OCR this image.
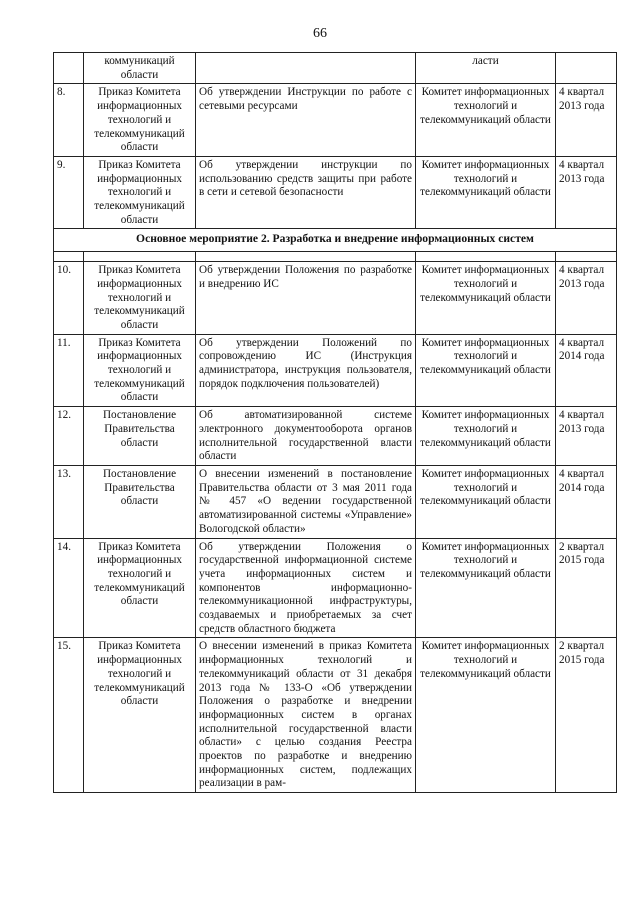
66
	коммуникаций области		ласти	
8.	Приказ Комитета информационных технологий и телекоммуникаций области	Об утверждении Инструкции по работе с сетевыми ресурсами	Комитет информационных технологий и телекоммуникаций области	4 квартал 2013 года
9.	Приказ Комитета информационных технологий и телекоммуникаций области	Об утверждении инструкции по использованию средств защиты при работе в сети и сетевой безопасности	Комитет информационных технологий и телекоммуникаций области	4 квартал 2013 года
Основное мероприятие 2. Разработка и внедрение информационных систем				

10.	Приказ Комитета информационных технологий и телекоммуникаций области	Об утверждении Положения по разработке и внедрению ИС	Комитет информационных технологий и телекоммуникаций области	4 квартал 2013 года
11.	Приказ Комитета информационных технологий и телекоммуникаций области	Об утверждении Положений по сопровождению ИС (Инструкция администратора, инструкция пользователя, порядок подключения пользователей)	Комитет информационных технологий и телекоммуникаций области	4 квартал 2014 года
12.	Постановление Правительства области	Об автоматизированной системе электронного документооборота органов исполнительной государственной власти области	Комитет информационных технологий и телекоммуникаций области	4 квартал 2013 года
13.	Постановление Правительства области	О внесении изменений в постановление Правительства области от 3 мая 2011 года № 457 «О ведении государственной автоматизированной системы «Управление» Вологодской области»	Комитет информационных технологий и телекоммуникаций области	4 квартал 2014 года
14.	Приказ Комитета информационных технологий и телекоммуникаций области	Об утверждении Положения о государственной информационной системе учета информационных систем и компонентов информационно-телекоммуникационной инфраструктуры, создаваемых и приобретаемых за счет средств областного бюджета	Комитет информационных технологий и телекоммуникаций области	2 квартал 2015 года
15.	Приказ Комитета информационных технологий и телекоммуникаций области	О внесении изменений в приказ Комитета информационных технологий и телекоммуникаций области от 31 декабря 2013 года № 133-О «Об утверждении Положения о разработке и внедрении информационных систем в органах исполнительной государственной власти области» с целью создания Реестра проектов по разработке и внедрению информационных систем, подлежащих реализации в рам-	Комитет информационных технологий и телекоммуникаций области	2 квартал 2015 года
